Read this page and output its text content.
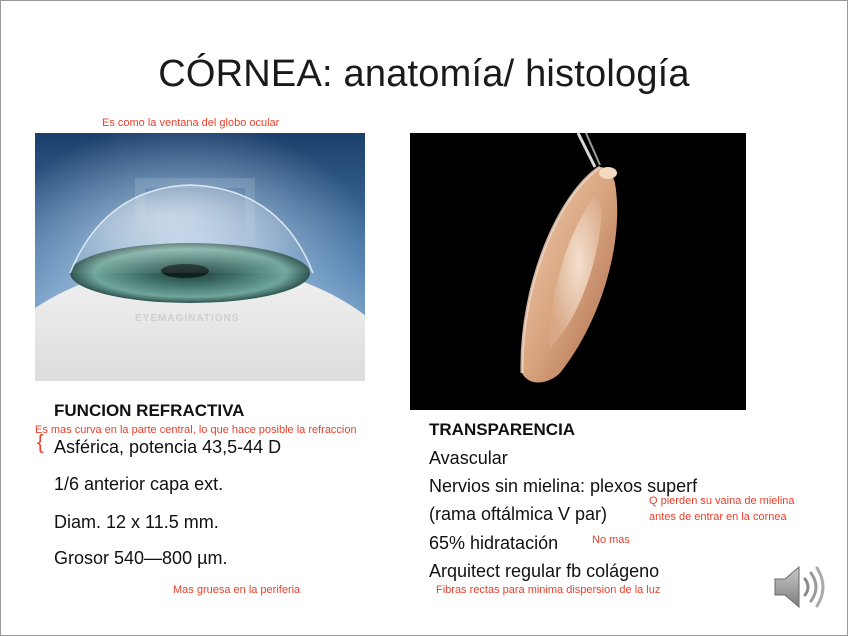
CÓRNEA: anatomía/ histología
Es como la ventana del globo ocular
EYEMAGINATIONS
FUNCION REFRACTIVA
Es mas curva en la parte central, lo que hace posible la refraccion
{ Asférica, potencia 43,5-44 D
1/6 anterior capa ext.
Diam. 12 x 11.5 mm.
Grosor 540—800 µm.
Mas gruesa en la periferia
TRANSPARENCIA
Avascular
Nervios sin mielina: plexos superf
(rama oftálmica V par)
65% hidratación
Arquitect regular fb colágeno
Q pierden su vaina de mielina
antes de entrar en la cornea
No mas
Fibras rectas para minima dispersion de la luz
